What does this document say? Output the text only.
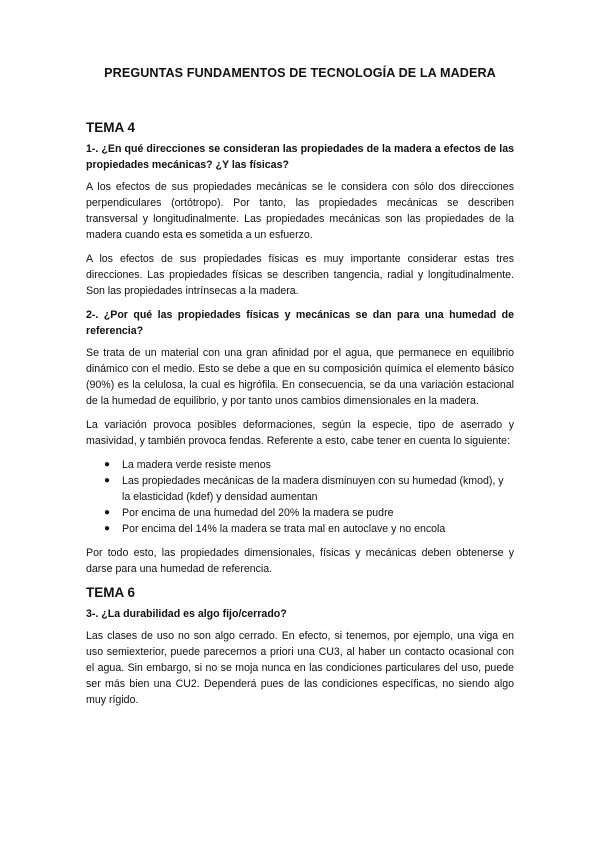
PREGUNTAS FUNDAMENTOS DE TECNOLOGÍA DE LA MADERA
TEMA 4

1-. ¿En qué direcciones se consideran las propiedades de la madera a efectos de las propiedades mecánicas? ¿Y las físicas?

A los efectos de sus propiedades mecánicas se le considera con sólo dos direcciones perpendiculares (ortótropo). Por tanto, las propiedades mecánicas se describen transversal y longitudinalmente. Las propiedades mecánicas son las propiedades de la madera cuando esta es sometida a un esfuerzo.

A los efectos de sus propiedades físicas es muy importante considerar estas tres direcciones. Las propiedades físicas se describen tangencia, radial y longitudinalmente. Son las propiedades intrínsecas a la madera.

2-. ¿Por qué las propiedades físicas y mecánicas se dan para una humedad de referencia?

Se trata de un material con una gran afinidad por el agua, que permanece en equilibrio dinámico con el medio. Esto se debe a que en su composición química el elemento básico (90%) es la celulosa, la cual es higrófila. En consecuencia, se da una variación estacional de la humedad de equilibrio, y por tanto unos cambios dimensionales en la madera.

La variación provoca posibles deformaciones, según la especie, tipo de aserrado y masividad, y también provoca fendas. Referente a esto, cabe tener en cuenta lo siguiente:

● La madera verde resiste menos
● Las propiedades mecánicas de la madera disminuyen con su humedad (kmod), y la elasticidad (kdef) y densidad aumentan
● Por encima de una humedad del 20% la madera se pudre
● Por encima del 14% la madera se trata mal en autoclave y no encola

Por todo esto, las propiedades dimensionales, físicas y mecánicas deben obtenerse y darse para una humedad de referencia.

TEMA 6

3-. ¿La durabilidad es algo fijo/cerrado?

Las clases de uso no son algo cerrado. En efecto, si tenemos, por ejemplo, una viga en uso semiexterior, puede parecernos a priori una CU3, al haber un contacto ocasional con el agua. Sin embargo, si no se moja nunca en las condiciones particulares del uso, puede ser más bien una CU2. Dependerá pues de las condiciones específicas, no siendo algo muy rígido.
